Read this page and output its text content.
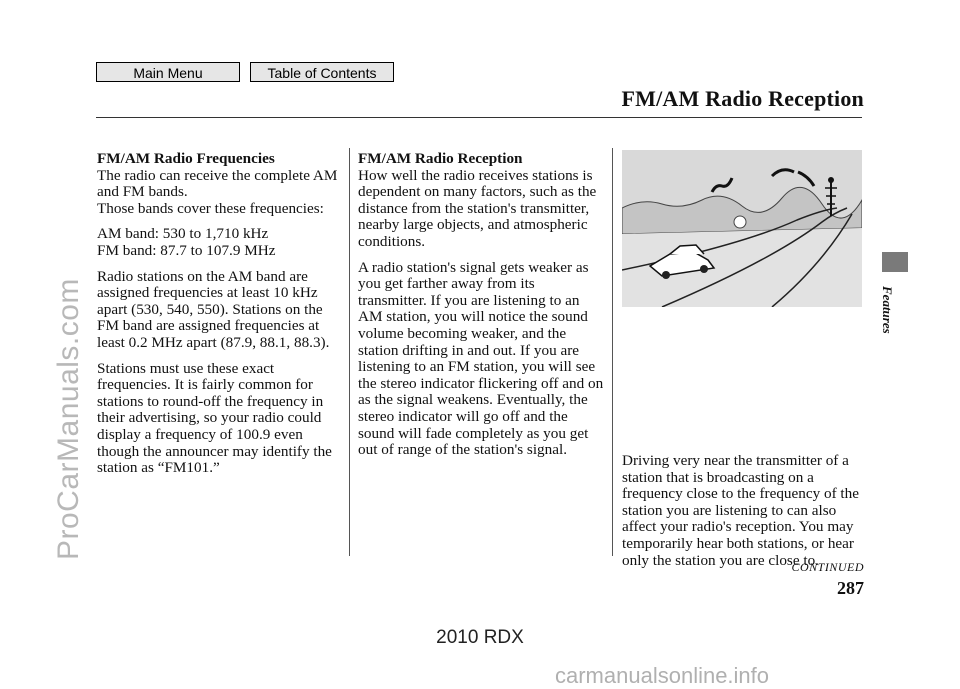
Main Menu	Table of Contents
FM/AM Radio Reception

FM/AM Radio Frequencies

The radio can receive the complete AM and FM bands.

Those bands cover these frequencies:

AM band: 530 to 1,710 kHz

FM band: 87.7 to 107.9 MHz

Radio stations on the AM band are assigned frequencies at least 10 kHz apart (530, 540, 550). Stations on the FM band are assigned frequencies at least 0.2 MHz apart (87.9, 88.1, 88.3).

Stations must use these exact frequencies. It is fairly common for stations to round-off the frequency in their advertising, so your radio could display a frequency of 100.9 even though the announcer may identify the station as “FM101.”

FM/AM Radio Reception

How well the radio receives stations is dependent on many factors, such as the distance from the station's transmitter, nearby large objects, and atmospheric conditions.

A radio station's signal gets weaker as you get farther away from its transmitter. If you are listening to an AM station, you will notice the sound volume becoming weaker, and the station drifting in and out. If you are listening to an FM station, you will see the stereo indicator flickering off and on as the signal weakens. Eventually, the stereo indicator will go off and the sound will fade completely as you get out of range of the station's signal.

Driving very near the transmitter of a station that is broadcasting on a frequency close to the frequency of the station you are listening to can also affect your radio's reception. You may temporarily hear both stations, or hear only the station you are close to.

Features
CONTINUED
287
2010 RDX
ProCarManuals.com
carmanualsonline.info
